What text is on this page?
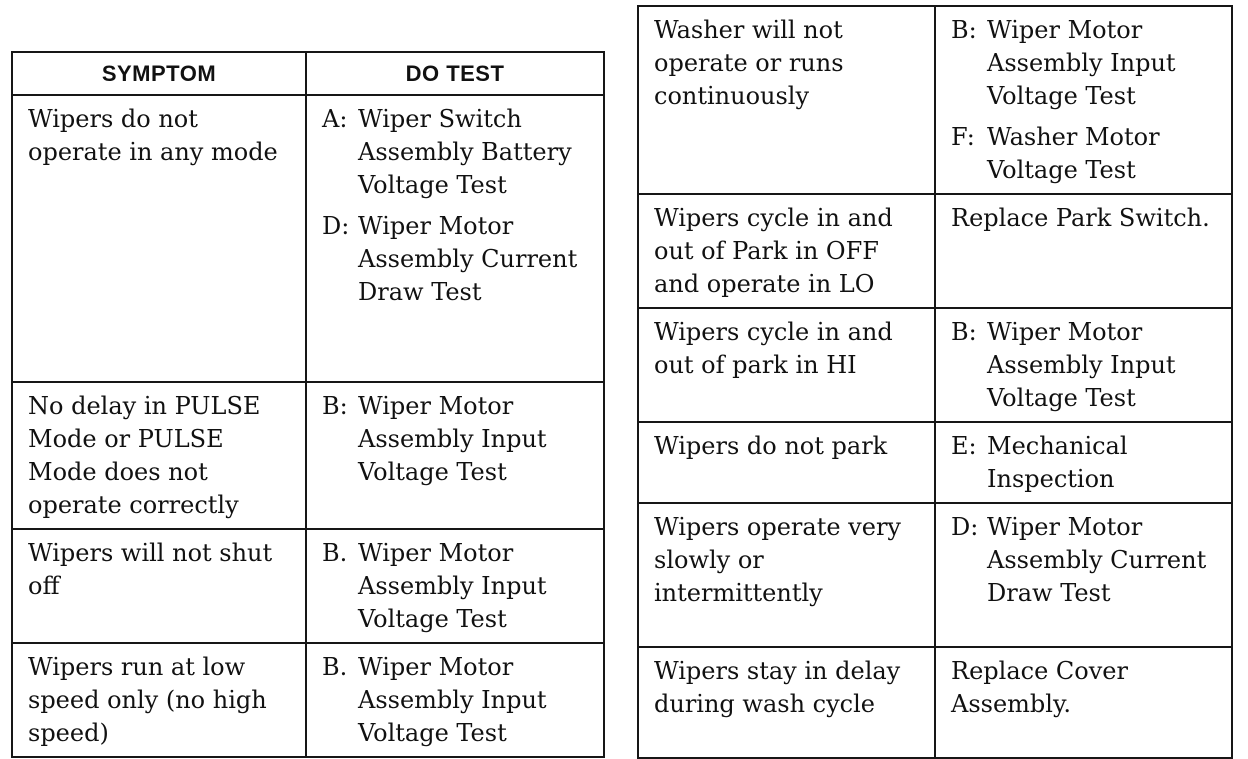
SYMPTOM	DO TEST

Wipers do not operate in any mode	A: Wiper Switch Assembly Battery Voltage Test
D: Wiper Motor Assembly Current Draw Test

No delay in PULSE Mode or PULSE Mode does not operate correctly	B: Wiper Motor Assembly Input Voltage Test

Wipers will not shut off	B. Wiper Motor Assembly Input Voltage Test

Wipers run at low speed only (no high speed)	B. Wiper Motor Assembly Input Voltage Test
Washer will not operate or runs continuously	B: Wiper Motor Assembly Input Voltage Test
F: Washer Motor Voltage Test

Wipers cycle in and out of Park in OFF and operate in LO	Replace Park Switch.

Wipers cycle in and out of park in HI	B: Wiper Motor Assembly Input Voltage Test

Wipers do not park	E: Mechanical Inspection

Wipers operate very slowly or intermittently	D: Wiper Motor Assembly Current Draw Test

Wipers stay in delay during wash cycle	Replace Cover Assembly.
